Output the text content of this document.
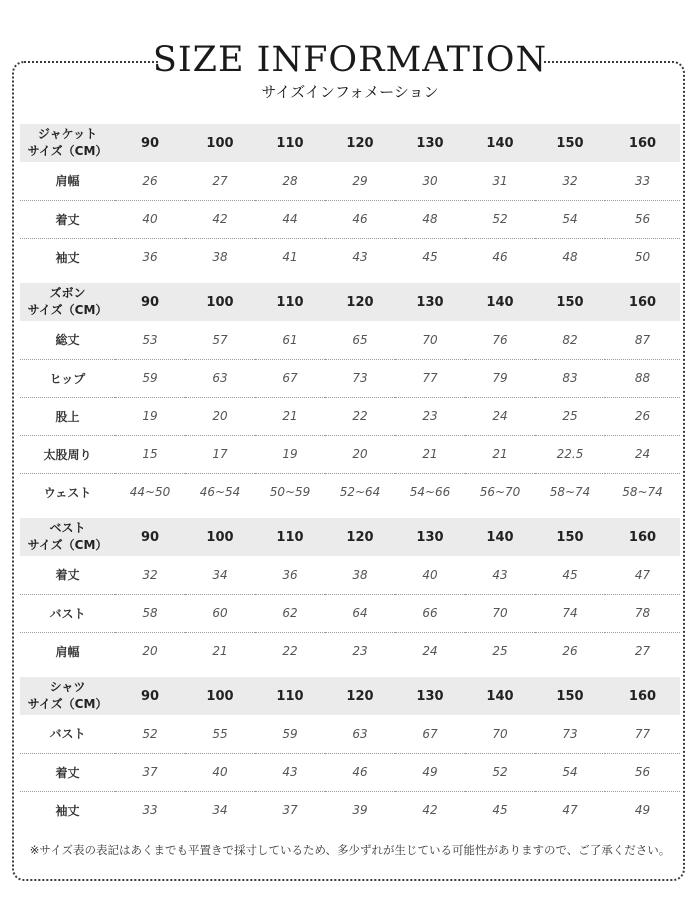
SIZE INFORMATION
サイズインフォメーション
ジャケット
サイズ（CM）	90	100	110	120	130	140	150	160
肩幅	26	27	28	29	30	31	32	33
着丈	40	42	44	46	48	52	54	56
袖丈	36	38	41	43	45	46	48	50
ズボン
サイズ（CM）	90	100	110	120	130	140	150	160
総丈	53	57	61	65	70	76	82	87
ヒップ	59	63	67	73	77	79	83	88
股上	19	20	21	22	23	24	25	26
太股周り	15	17	19	20	21	21	22.5	24
ウェスト	44~50	46~54	50~59	52~64	54~66	56~70	58~74	58~74
ベスト
サイズ（CM）	90	100	110	120	130	140	150	160
着丈	32	34	36	38	40	43	45	47
バスト	58	60	62	64	66	70	74	78
肩幅	20	21	22	23	24	25	26	27
シャツ
サイズ（CM）	90	100	110	120	130	140	150	160
バスト	52	55	59	63	67	70	73	77
着丈	37	40	43	46	49	52	54	56
袖丈	33	34	37	39	42	45	47	49
※サイズ表の表記はあくまでも平置きで採寸しているため、多少ずれが生じている可能性がありますので、ご了承ください。
